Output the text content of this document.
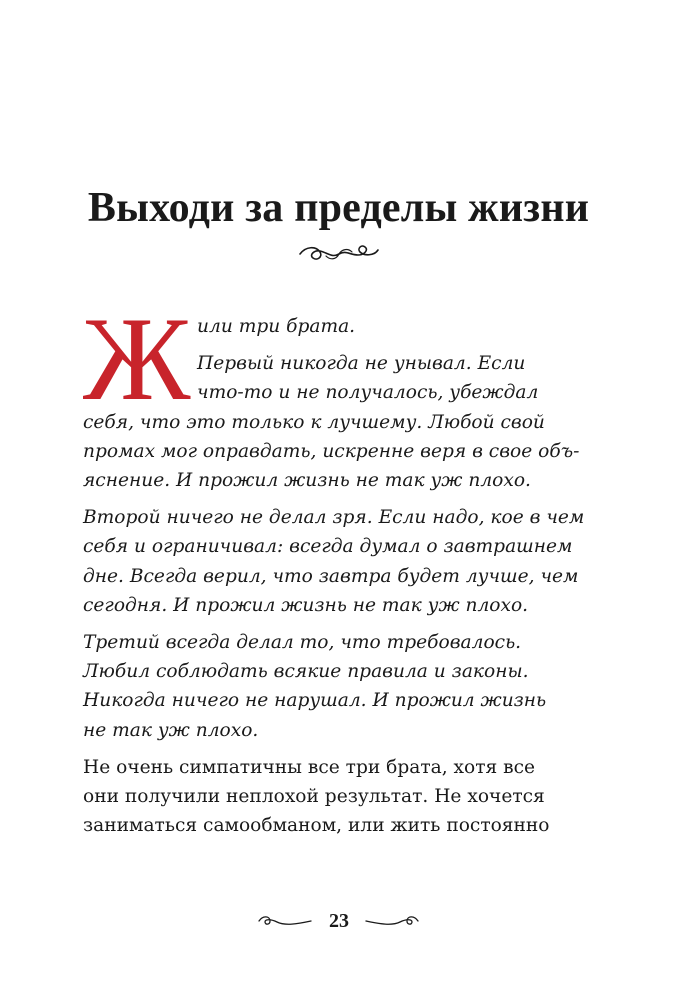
Выходи за пределы жизни
Ж или три брата.
Первый никогда не унывал. Если
что-то и не получалось, убеждал

себя, что это только к лучшему. Любой свой
промах мог оправдать, искренне веря в свое объ-
яснение. И прожил жизнь не так уж плохо.

Второй ничего не делал зря. Если надо, кое в чем
себя и ограничивал: всегда думал о завтрашнем
дне. Всегда верил, что завтра будет лучше, чем
сегодня. И прожил жизнь не так уж плохо.

Третий всегда делал то, что требовалось.
Любил соблюдать всякие правила и законы.
Никогда ничего не нарушал. И прожил жизнь
не так уж плохо.

Не очень симпатичны все три брата, хотя все
они получили неплохой результат. Не хочется
заниматься самообманом, или жить постоянно

23
